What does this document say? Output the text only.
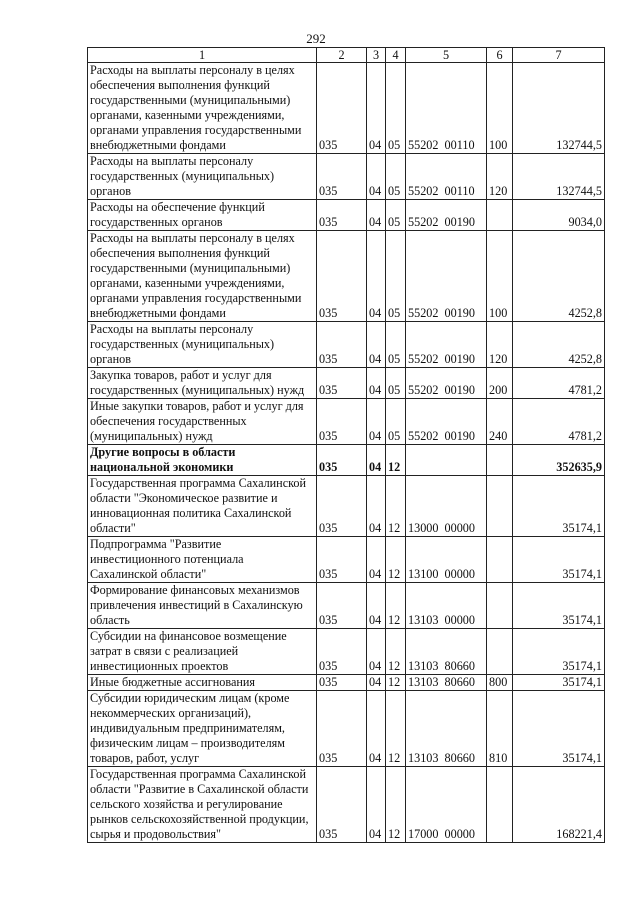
292
1	2	3	4	5	6	7
Расходы на выплаты персоналу в целях обеспечения выполнения функций государственными (муниципальными) органами, казенными учреждениями, органами управления государственными внебюджетными фондами	035	04	05	55202 00110	100	132744,5
Расходы на выплаты персоналу государственных (муниципальных) органов	035	04	05	55202 00110	120	132744,5
Расходы на обеспечение функций государственных органов	035	04	05	55202 00190		9034,0
Расходы на выплаты персоналу в целях обеспечения выполнения функций государственными (муниципальными) органами, казенными учреждениями, органами управления государственными внебюджетными фондами	035	04	05	55202 00190	100	4252,8
Расходы на выплаты персоналу государственных (муниципальных) органов	035	04	05	55202 00190	120	4252,8
Закупка товаров, работ и услуг для государственных (муниципальных) нужд	035	04	05	55202 00190	200	4781,2
Иные закупки товаров, работ и услуг для обеспечения государственных (муниципальных) нужд	035	04	05	55202 00190	240	4781,2
Другие вопросы в области национальной экономики	035	04	12			352635,9
Государственная программа Сахалинской области "Экономическое развитие и инновационная политика Сахалинской области"	035	04	12	13000 00000		35174,1
Подпрограмма "Развитие инвестиционного потенциала Сахалинской области"	035	04	12	13100 00000		35174,1
Формирование финансовых механизмов привлечения инвестиций в Сахалинскую область	035	04	12	13103 00000		35174,1
Субсидии на финансовое возмещение затрат в связи с реализацией инвестиционных проектов	035	04	12	13103 80660		35174,1
Иные бюджетные ассигнования	035	04	12	13103 80660	800	35174,1
Субсидии юридическим лицам (кроме некоммерческих организаций), индивидуальным предпринимателям, физическим лицам – производителям товаров, работ, услуг	035	04	12	13103 80660	810	35174,1
Государственная программа Сахалинской области "Развитие в Сахалинской области сельского хозяйства и регулирование рынков сельскохозяйственной продукции, сырья и продовольствия"	035	04	12	17000 00000		168221,4
